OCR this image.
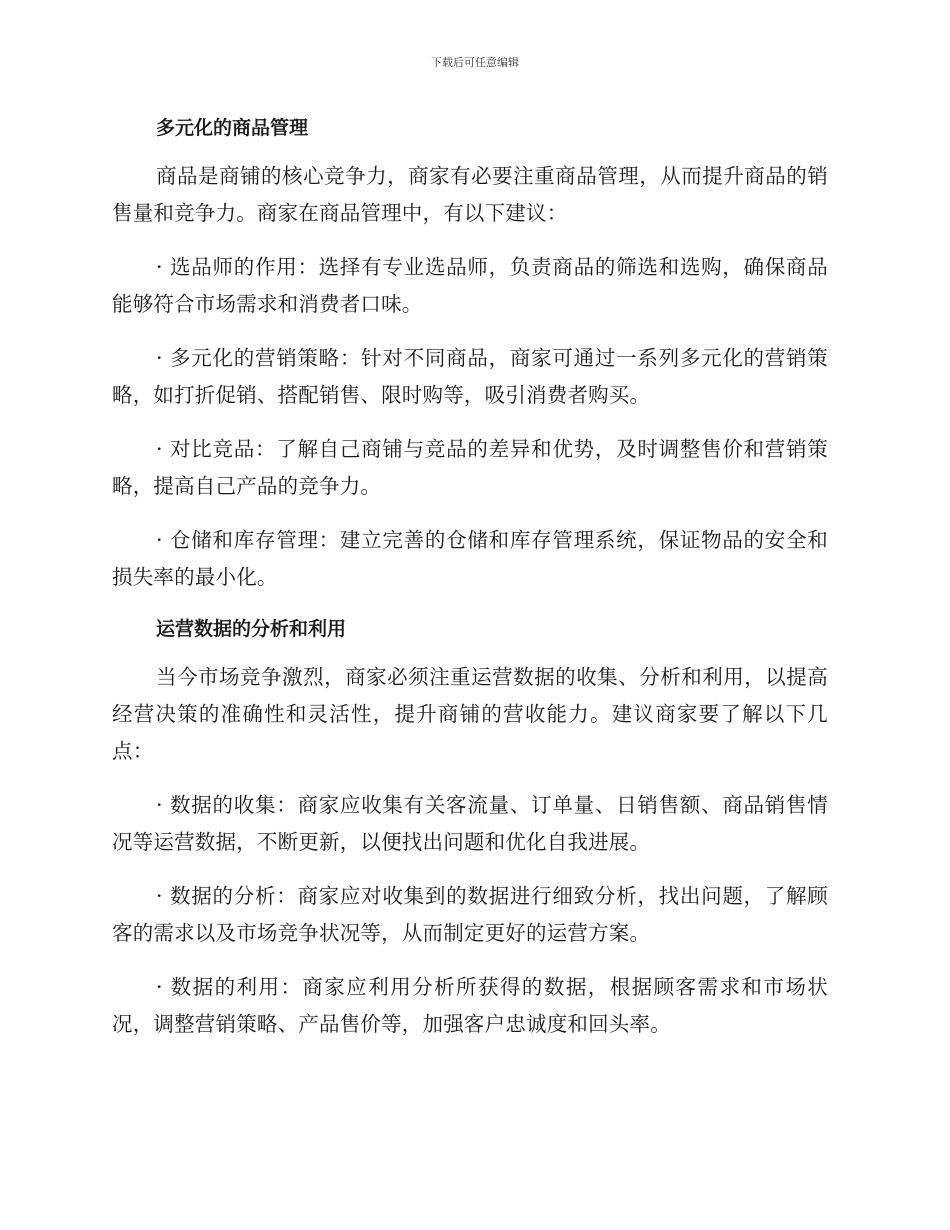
下载后可任意编辑
多元化的商品管理

商品是商铺的核心竞争力，商家有必要注重商品管理，从而提升商品的销售量和竞争力。商家在商品管理中，有以下建议：

· 选品师的作用：选择有专业选品师，负责商品的筛选和选购，确保商品能够符合市场需求和消费者口味。

· 多元化的营销策略：针对不同商品，商家可通过一系列多元化的营销策略，如打折促销、搭配销售、限时购等，吸引消费者购买。

· 对比竞品：了解自己商铺与竞品的差异和优势，及时调整售价和营销策略，提高自己产品的竞争力。

· 仓储和库存管理：建立完善的仓储和库存管理系统，保证物品的安全和损失率的最小化。

运营数据的分析和利用

当今市场竞争激烈，商家必须注重运营数据的收集、分析和利用，以提高经营决策的准确性和灵活性，提升商铺的营收能力。建议商家要了解以下几点：

· 数据的收集：商家应收集有关客流量、订单量、日销售额、商品销售情况等运营数据，不断更新，以便找出问题和优化自我进展。

· 数据的分析：商家应对收集到的数据进行细致分析，找出问题，了解顾客的需求以及市场竞争状况等，从而制定更好的运营方案。

· 数据的利用：商家应利用分析所获得的数据，根据顾客需求和市场状况，调整营销策略、产品售价等，加强客户忠诚度和回头率。
